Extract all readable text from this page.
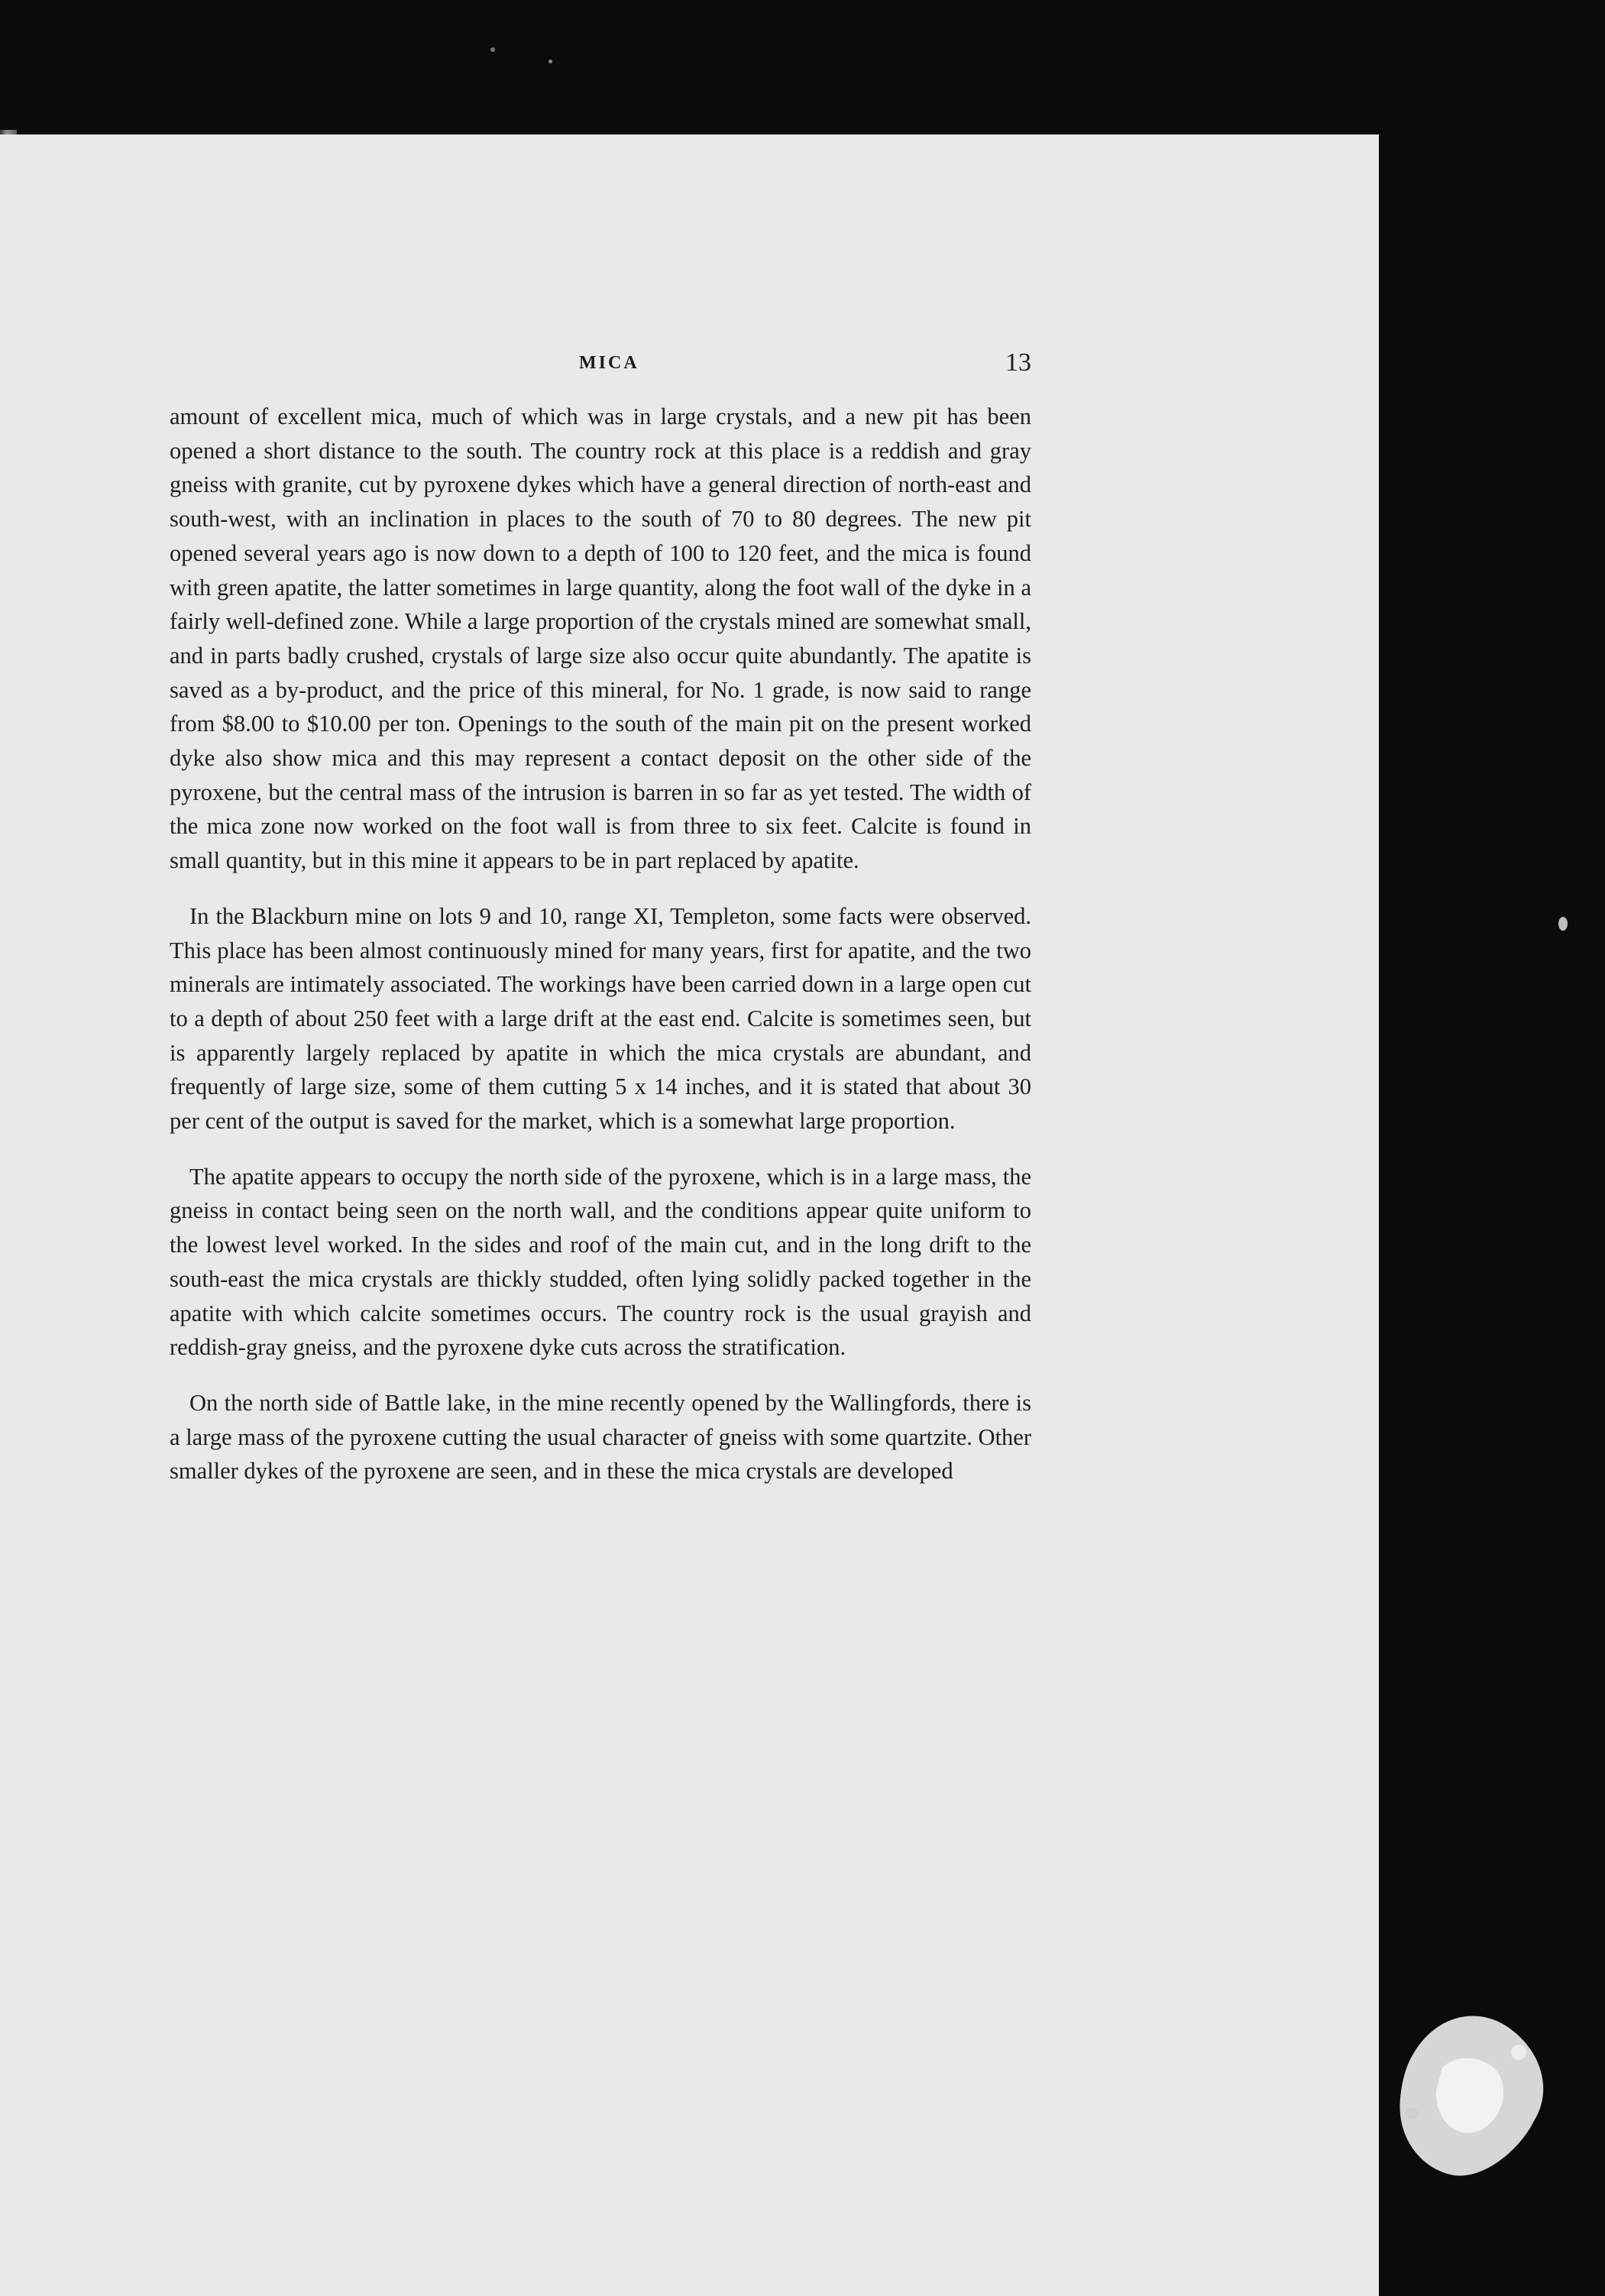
MICA	13

amount of excellent mica, much of which was in large crystals, and a new pit has been opened a short distance to the south. The country rock at this place is a reddish and gray gneiss with granite, cut by pyroxene dykes which have a general direction of north-east and south-west, with an inclination in places to the south of 70 to 80 degrees. The new pit opened several years ago is now down to a depth of 100 to 120 feet, and the mica is found with green apatite, the latter sometimes in large quantity, along the foot wall of the dyke in a fairly well-defined zone. While a large proportion of the crystals mined are somewhat small, and in parts badly crushed, crystals of large size also occur quite abundantly. The apatite is saved as a by-product, and the price of this mineral, for No. 1 grade, is now said to range from $8.00 to $10.00 per ton. Openings to the south of the main pit on the present worked dyke also show mica and this may represent a contact deposit on the other side of the pyroxene, but the central mass of the intrusion is barren in so far as yet tested. The width of the mica zone now worked on the foot wall is from three to six feet. Calcite is found in small quantity, but in this mine it appears to be in part replaced by apatite.

In the Blackburn mine on lots 9 and 10, range XI, Templeton, some facts were observed. This place has been almost continuously mined for many years, first for apatite, and the two minerals are intimately associated. The workings have been carried down in a large open cut to a depth of about 250 feet with a large drift at the east end. Calcite is sometimes seen, but is apparently largely replaced by apatite in which the mica crystals are abundant, and frequently of large size, some of them cutting 5 x 14 inches, and it is stated that about 30 per cent of the output is saved for the market, which is a somewhat large proportion.

The apatite appears to occupy the north side of the pyroxene, which is in a large mass, the gneiss in contact being seen on the north wall, and the conditions appear quite uniform to the lowest level worked. In the sides and roof of the main cut, and in the long drift to the south-east the mica crystals are thickly studded, often lying solidly packed together in the apatite with which calcite sometimes occurs. The country rock is the usual grayish and reddish-gray gneiss, and the pyroxene dyke cuts across the stratification.

On the north side of Battle lake, in the mine recently opened by the Wallingfords, there is a large mass of the pyroxene cutting the usual character of gneiss with some quartzite. Other smaller dykes of the pyroxene are seen, and in these the mica crystals are developed
